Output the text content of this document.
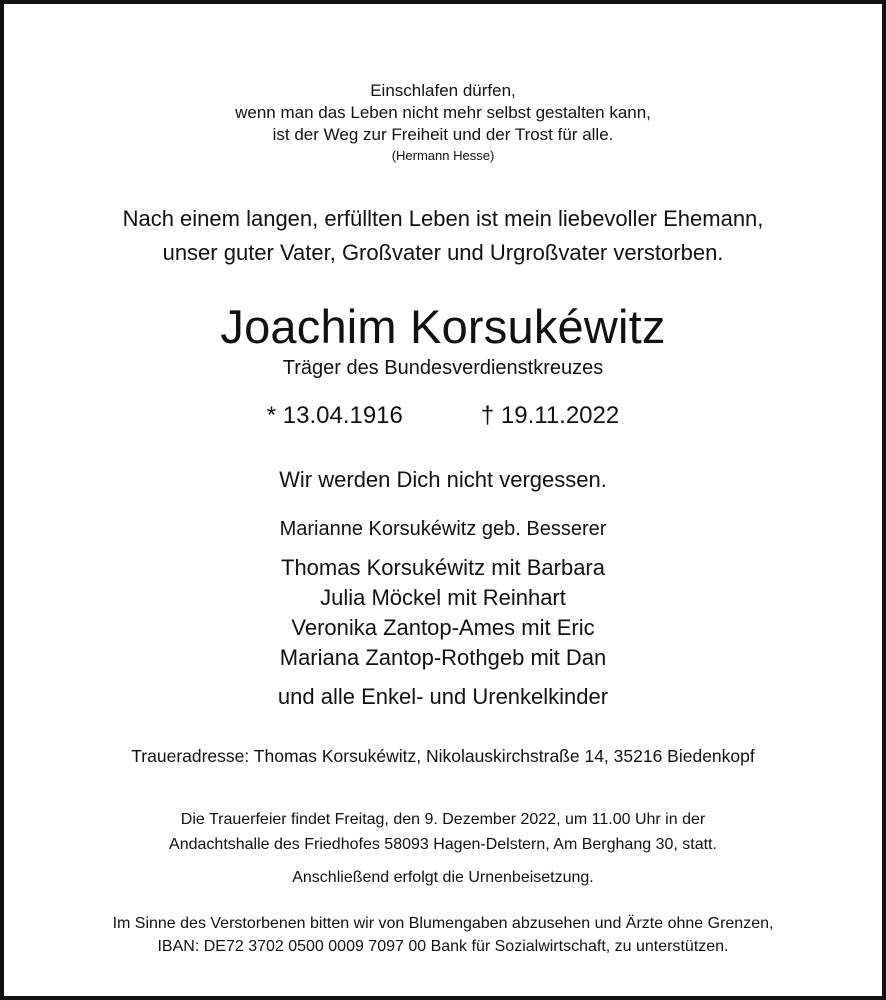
Einschlafen dürfen,
wenn man das Leben nicht mehr selbst gestalten kann,
ist der Weg zur Freiheit und der Trost für alle.
(Hermann Hesse)
Nach einem langen, erfüllten Leben ist mein liebevoller Ehemann,
unser guter Vater, Großvater und Urgroßvater verstorben.
Joachim Korsukéwitz
Träger des Bundesverdienstkreuzes
* 13.04.1916	† 19.11.2022
Wir werden Dich nicht vergessen.
Marianne Korsukéwitz geb. Besserer
Thomas Korsukéwitz mit Barbara
Julia Möckel mit Reinhart
Veronika Zantop-Ames mit Eric
Mariana Zantop-Rothgeb mit Dan
und alle Enkel- und Urenkelkinder
Traueradresse: Thomas Korsukéwitz, Nikolauskirchstraße 14, 35216 Biedenkopf
Die Trauerfeier findet Freitag, den 9. Dezember 2022, um 11.00 Uhr in der
Andachtshalle des Friedhofes 58093 Hagen-Delstern, Am Berghang 30, statt.
Anschließend erfolgt die Urnenbeisetzung.
Im Sinne des Verstorbenen bitten wir von Blumengaben abzusehen und Ärzte ohne Grenzen,
IBAN: DE72 3702 0500 0009 7097 00 Bank für Sozialwirtschaft, zu unterstützen.
